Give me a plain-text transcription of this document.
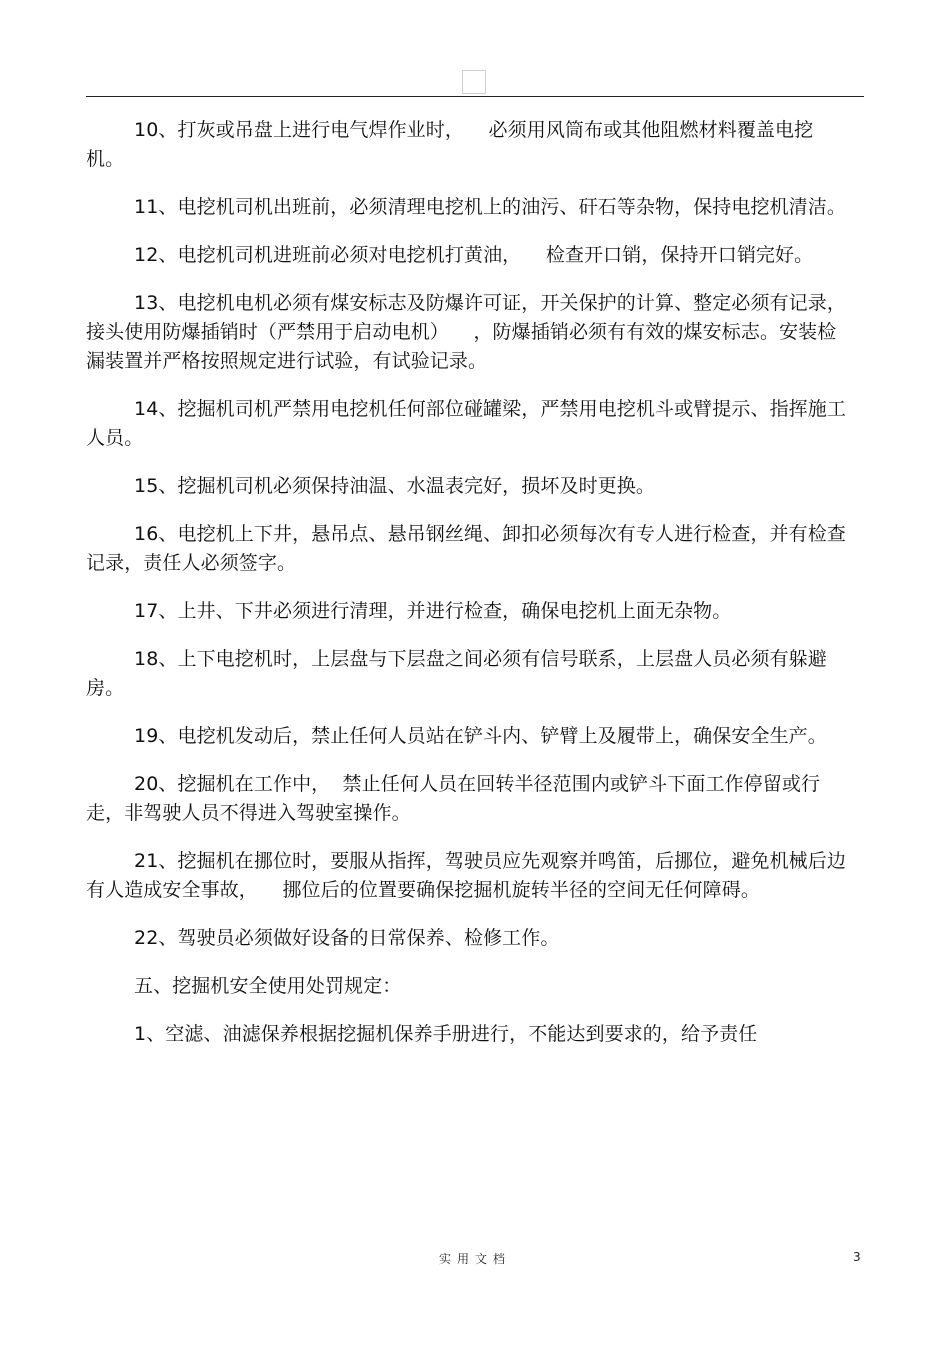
10、打灰或吊盘上进行电气焊作业时，    必须用风筒布或其他阻燃材料覆盖电挖机。

11、电挖机司机出班前，必须清理电挖机上的油污、矸石等杂物，保持电挖机清洁。

12、电挖机司机进班前必须对电挖机打黄油，    检查开口销，保持开口销完好。

13、电挖机电机必须有煤安标志及防爆许可证，开关保护的计算、整定必须有记录，接头使用防爆插销时（严禁用于启动电机）    ，防爆插销必须有有效的煤安标志。安装检漏装置并严格按照规定进行试验，有试验记录。

14、挖掘机司机严禁用电挖机任何部位碰罐梁，严禁用电挖机斗或臂提示、指挥施工人员。

15、挖掘机司机必须保持油温、水温表完好，损坏及时更换。

16、电挖机上下井，悬吊点、悬吊钢丝绳、卸扣必须每次有专人进行检查，并有检查记录，责任人必须签字。

17、上井、下井必须进行清理，并进行检查，确保电挖机上面无杂物。

18、上下电挖机时，上层盘与下层盘之间必须有信号联系，上层盘人员必须有躲避房。

19、电挖机发动后，禁止任何人员站在铲斗内、铲臂上及履带上，确保安全生产。

20、挖掘机在工作中，  禁止任何人员在回转半径范围内或铲斗下面工作停留或行走，非驾驶人员不得进入驾驶室操作。

21、挖掘机在挪位时，要服从指挥，驾驶员应先观察并鸣笛，后挪位，避免机械后边有人造成安全事故，    挪位后的位置要确保挖掘机旋转半径的空间无任何障碍。

22、驾驶员必须做好设备的日常保养、检修工作。

五、挖掘机安全使用处罚规定：

1、空滤、油滤保养根据挖掘机保养手册进行，不能达到要求的，给予责任

实用文档	3
